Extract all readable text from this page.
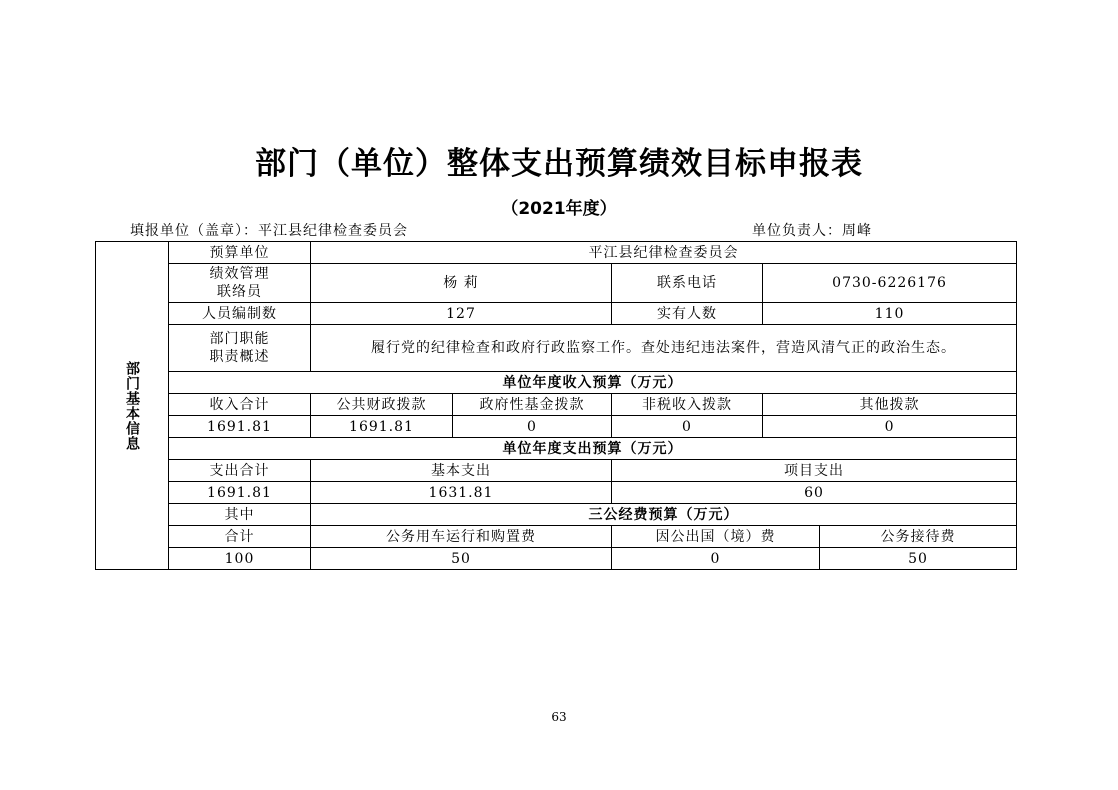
部门（单位）整体支出预算绩效目标申报表
（2021年度）
填报单位（盖章）：平江县纪律检查委员会	单位负责人：周峰
部门基本信息	预算单位	平江县纪律检查委员会				
	绩效管理
联络员	杨 莉		联系电话	0730-6226176	
	人员编制数	127		实有人数	110	
	部门职能
职责概述	履行党的纪律检查和政府行政监察工作。查处违纪违法案件，营造风清气正的政治生态。				
	单位年度收入预算（万元）					
	收入合计	公共财政拨款	政府性基金拨款	非税收入拨款	其他拨款	
	1691.81	1691.81	0	0	0	
	单位年度支出预算（万元）					
	支出合计	基本支出		项目支出		
	1691.81	1631.81		60		
	其中	三公经费预算（万元）				
	合计	公务用车运行和购置费		因公出国（境）费		公务接待费
	100	50		0		50
63
